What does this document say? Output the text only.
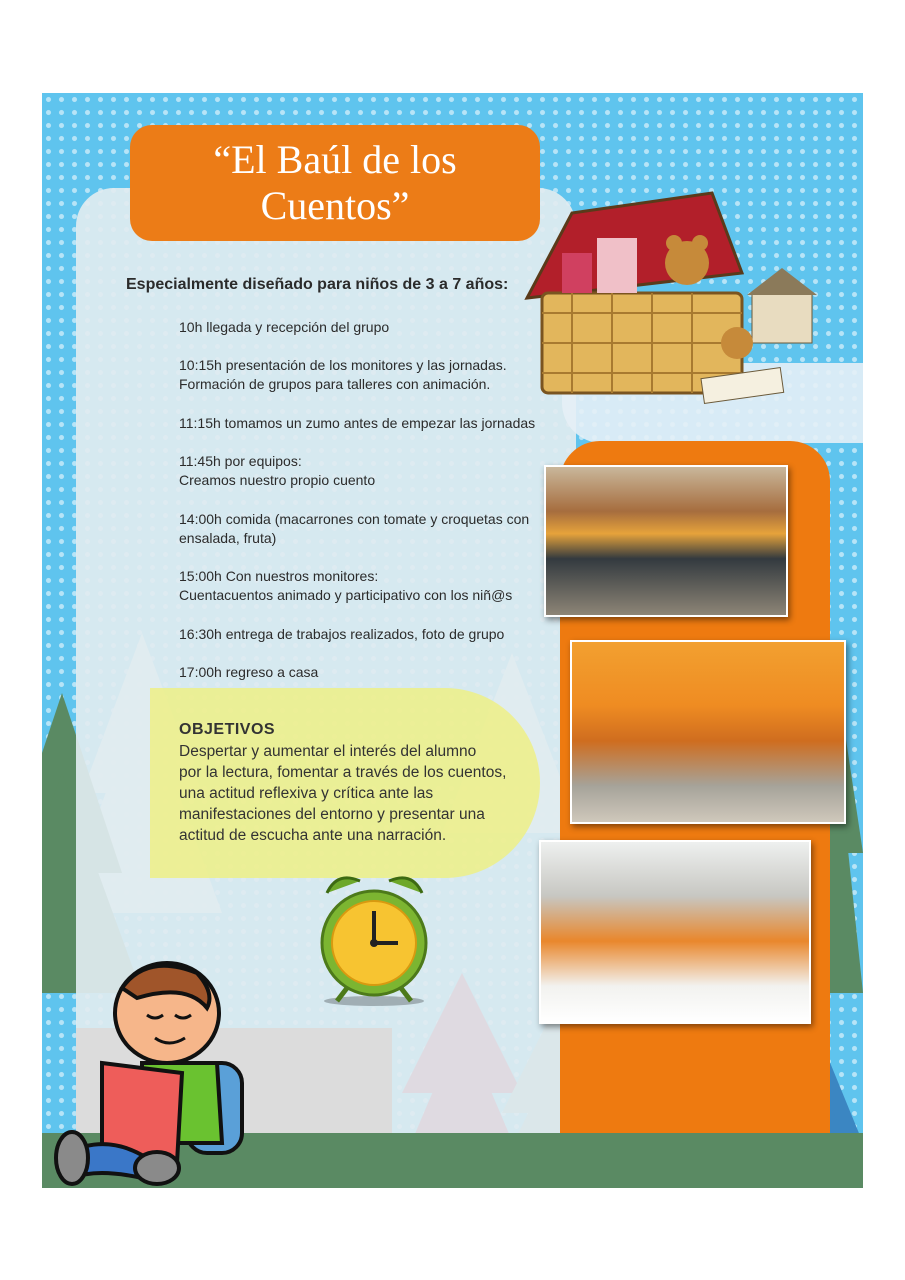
“El Baúl de los Cuentos”
Especialmente diseñado para niños de 3 a 7 años:
10h llegada y recepción del grupo
10:15h presentación de los monitores y las jornadas.
Formación de grupos para talleres con animación.
11:15h tomamos un zumo antes de empezar las jornadas
11:45h por equipos:
Creamos nuestro propio cuento
14:00h comida (macarrones con tomate y croquetas con
ensalada, fruta)
15:00h Con nuestros monitores:
Cuentacuentos animado y participativo con los niñ@s
16:30h entrega de trabajos realizados, foto de grupo
17:00h regreso a casa
OBJETIVOS
Despertar y aumentar el interés del alumno
por la lectura, fomentar a través de los cuentos,
una actitud reflexiva y crítica ante las
manifestaciones del entorno y presentar una
actitud de escucha ante una narración.
